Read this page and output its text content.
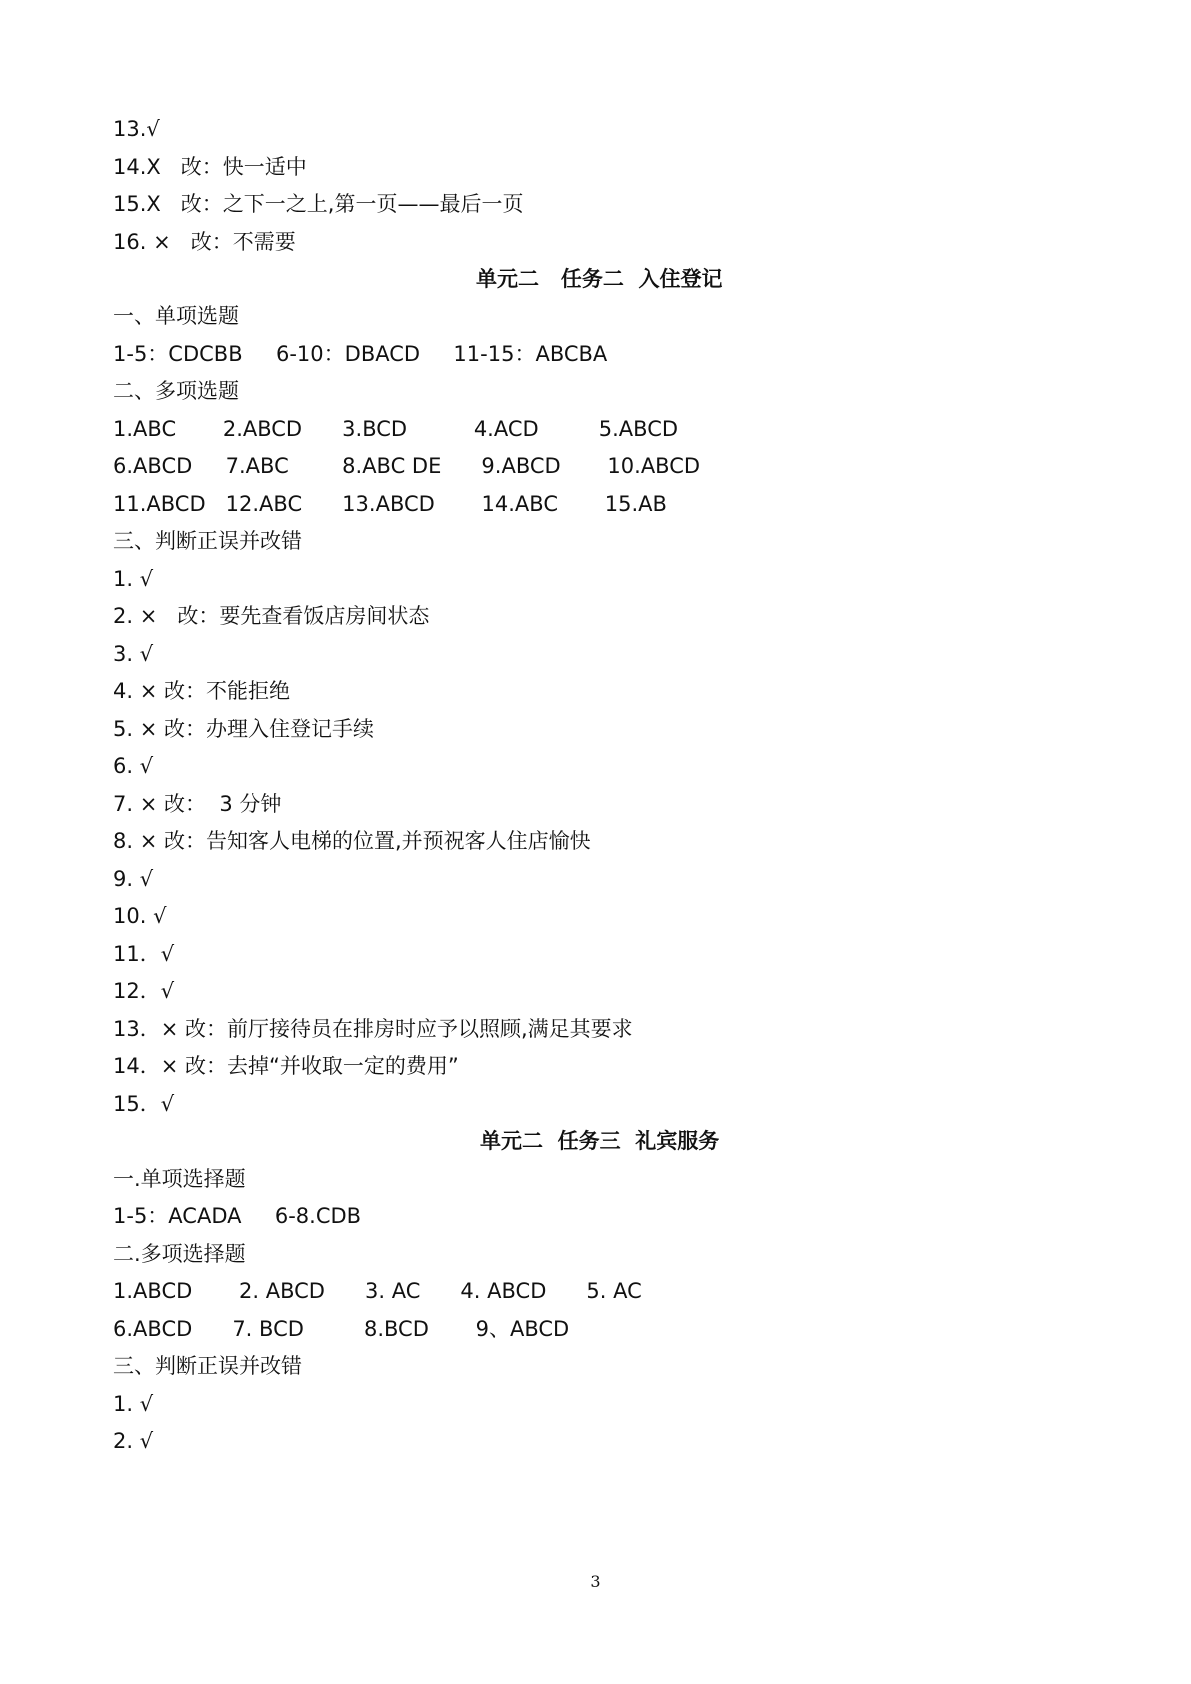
13.√
14.X   改：快一适中
15.X   改：之下一之上,第一页——最后一页
16. ×   改：不需要
单元二   任务二  入住登记
一、单项选题
1-5：CDCBB     6-10：DBACD     11-15：ABCBA
二、多项选题
1.ABC       2.ABCD      3.BCD          4.ACD         5.ABCD
6.ABCD     7.ABC        8.ABC DE      9.ABCD       10.ABCD
11.ABCD   12.ABC      13.ABCD       14.ABC       15.AB
三、判断正误并改错
1. √
2. ×   改：要先查看饭店房间状态
3. √
4. × 改：不能拒绝
5. × 改：办理入住登记手续
6. √
7. × 改：  3 分钟
8. × 改：告知客人电梯的位置,并预祝客人住店愉快
9. √
10. √
11．√
12．√
13．× 改：前厅接待员在排房时应予以照顾,满足其要求
14．× 改：去掉“并收取一定的费用”
15．√
单元二  任务三  礼宾服务
一.单项选择题
1-5：ACADA     6-8.CDB
二.多项选择题
1.ABCD       2. ABCD      3. AC      4. ABCD      5. AC
6.ABCD      7. BCD         8.BCD       9、ABCD
三、判断正误并改错
1. √
2. √
3
